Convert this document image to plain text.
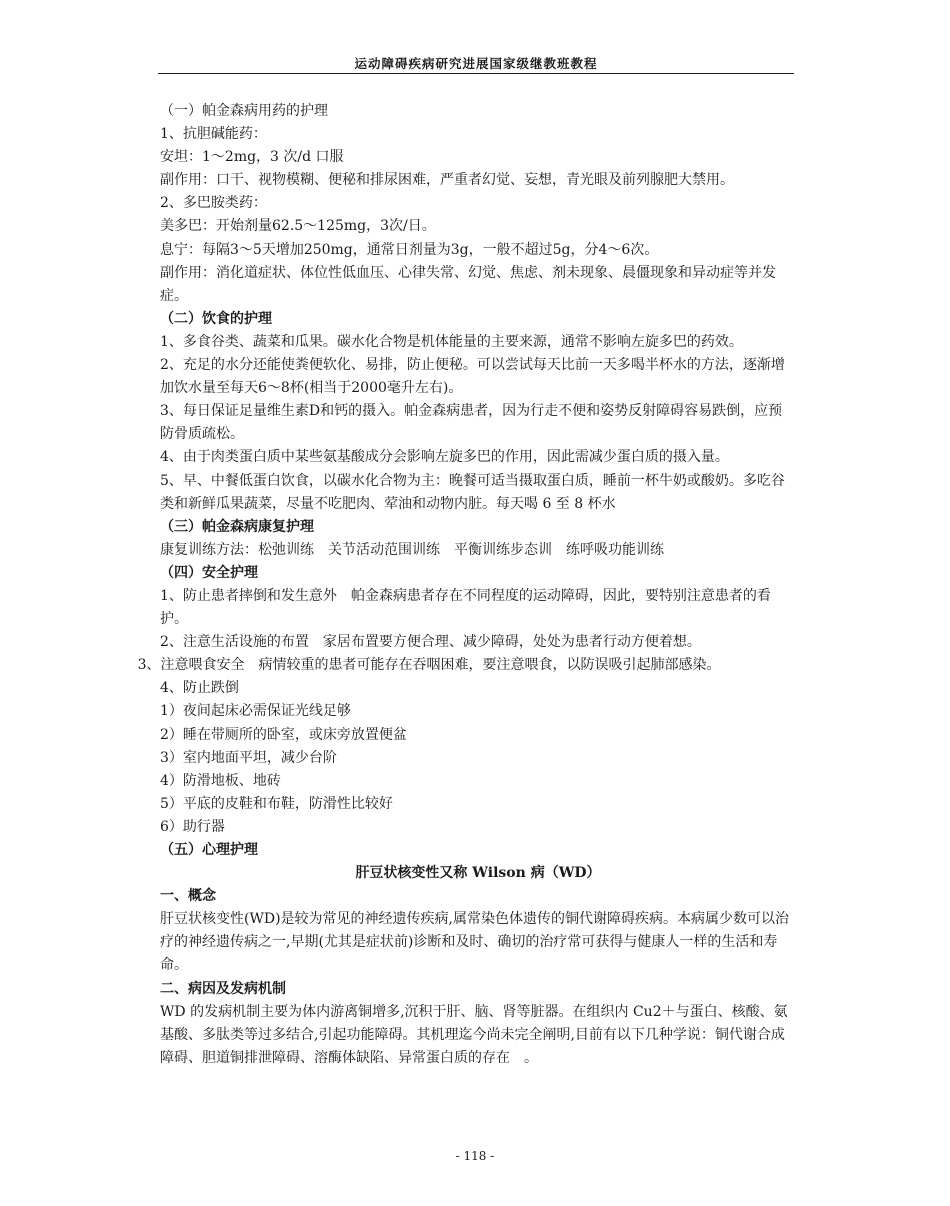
运动障碍疾病研究进展国家级继教班教程

（一）帕金森病用药的护理

1、抗胆碱能药：

安坦：1～2mg，3 次/d 口服

副作用：口干、视物模糊、便秘和排尿困难，严重者幻觉、妄想，青光眼及前列腺肥大禁用。

2、多巴胺类药：

美多巴：开始剂量62.5～125mg，3次/日。

息宁：每隔3～5天增加250mg，通常日剂量为3g，一般不超过5g，分4～6次。

副作用：消化道症状、体位性低血压、心律失常、幻觉、焦虑、剂未现象、晨僵现象和异动症等并发症。

（二）饮食的护理

1、多食谷类、蔬菜和瓜果。碳水化合物是机体能量的主要来源，通常不影响左旋多巴的药效。

2、充足的水分还能使粪便软化、易排，防止便秘。可以尝试每天比前一天多喝半杯水的方法，逐渐增加饮水量至每天6～8杯(相当于2000毫升左右)。

3、每日保证足量维生素D和钙的摄入。帕金森病患者，因为行走不便和姿势反射障碍容易跌倒，应预防骨质疏松。

4、由于肉类蛋白质中某些氨基酸成分会影响左旋多巴的作用，因此需减少蛋白质的摄入量。

5、早、中餐低蛋白饮食，以碳水化合物为主：晚餐可适当摄取蛋白质，睡前一杯牛奶或酸奶。多吃谷类和新鲜瓜果蔬菜，尽量不吃肥肉、荤油和动物内脏。每天喝 6 至 8 杯水

（三）帕金森病康复护理

康复训练方法：松弛训练　关节活动范围训练　平衡训练步态训　练呼吸功能训练

（四）安全护理

1、防止患者摔倒和发生意外　帕金森病患者存在不同程度的运动障碍，因此，要特别注意患者的看护。

2、注意生活设施的布置　家居布置要方便合理、减少障碍，处处为患者行动方便着想。

3、注意喂食安全　病情较重的患者可能存在吞咽困难，要注意喂食，以防误吸引起肺部感染。

4、防止跌倒

1）夜间起床必需保证光线足够

2）睡在带厕所的卧室，或床旁放置便盆

3）室内地面平坦，减少台阶

4）防滑地板、地砖

5）平底的皮鞋和布鞋，防滑性比较好

6）助行器

（五）心理护理

肝豆状核变性又称 Wilson 病（WD）

一、概念

肝豆状核变性(WD)是较为常见的神经遗传疾病,属常染色体遗传的铜代谢障碍疾病。本病属少数可以治疗的神经遗传病之一,早期(尤其是症状前)诊断和及时、确切的治疗常可获得与健康人一样的生活和寿命。

二、病因及发病机制

WD 的发病机制主要为体内游离铜增多,沉积于肝、脑、肾等脏器。在组织内 Cu2＋与蛋白、核酸、氨基酸、多肽类等过多结合,引起功能障碍。其机理迄今尚未完全阐明,目前有以下几种学说：铜代谢合成障碍、胆道铜排泄障碍、溶酶体缺陷、异常蛋白质的存在　。

- 118 -
